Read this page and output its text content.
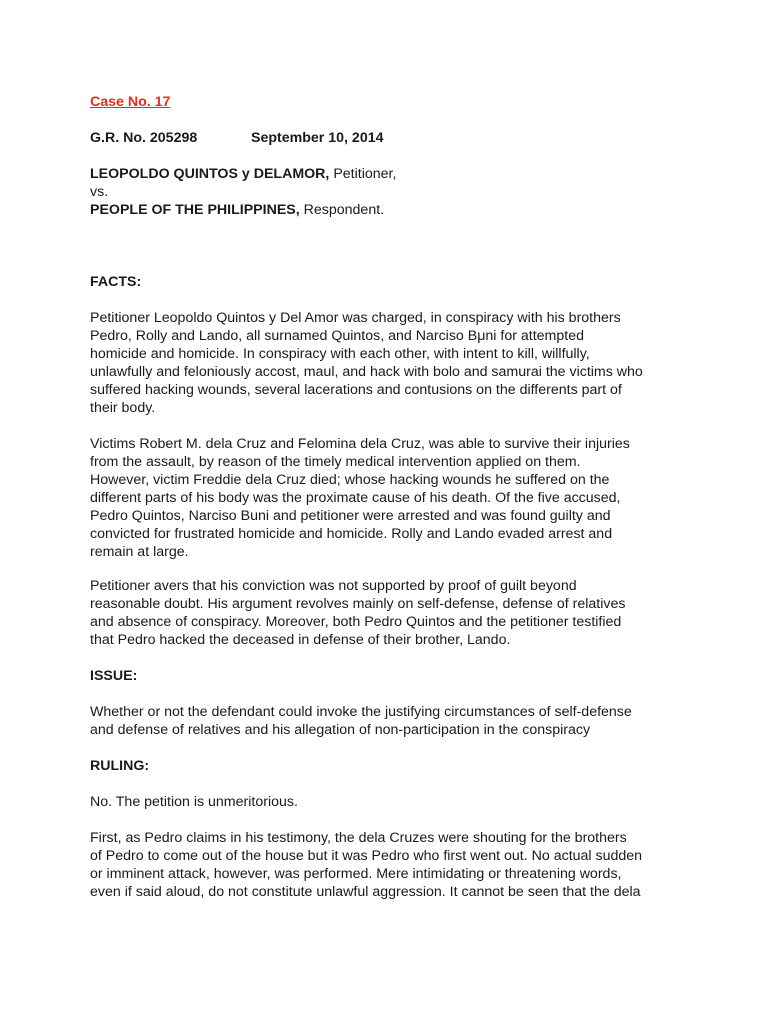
Case No. 17
G.R. No. 205298	September 10, 2014
LEOPOLDO QUINTOS y DELAMOR, Petitioner,
vs.
PEOPLE OF THE PHILIPPINES, Respondent.
FACTS:
Petitioner Leopoldo Quintos y Del Amor was charged, in conspiracy with his brothers
Pedro, Rolly and Lando, all surnamed Quintos, and Narciso Bμni for attempted
homicide and homicide. In conspiracy with each other, with intent to kill, willfully,
unlawfully and feloniously accost, maul, and hack with bolo and samurai the victims who
suffered hacking wounds, several lacerations and contusions on the differents part of
their body.
Victims Robert M. dela Cruz and Felomina dela Cruz, was able to survive their injuries
from the assault, by reason of the timely medical intervention applied on them.
However, victim Freddie dela Cruz died; whose hacking wounds he suffered on the
different parts of his body was the proximate cause of his death. Of the five accused,
Pedro Quintos, Narciso Buni and petitioner were arrested and was found guilty and
convicted for frustrated homicide and homicide. Rolly and Lando evaded arrest and
remain at large.
Petitioner avers that his conviction was not supported by proof of guilt beyond
reasonable doubt. His argument revolves mainly on self-defense, defense of relatives
and absence of conspiracy. Moreover, both Pedro Quintos and the petitioner testified
that Pedro hacked the deceased in defense of their brother, Lando.
ISSUE:
Whether or not the defendant could invoke the justifying circumstances of self-defense
and defense of relatives and his allegation of non-participation in the conspiracy
RULING:
No. The petition is unmeritorious.
First, as Pedro claims in his testimony, the dela Cruzes were shouting for the brothers
of Pedro to come out of the house but it was Pedro who first went out. No actual sudden
or imminent attack, however, was performed. Mere intimidating or threatening words,
even if said aloud, do not constitute unlawful aggression. It cannot be seen that the dela
